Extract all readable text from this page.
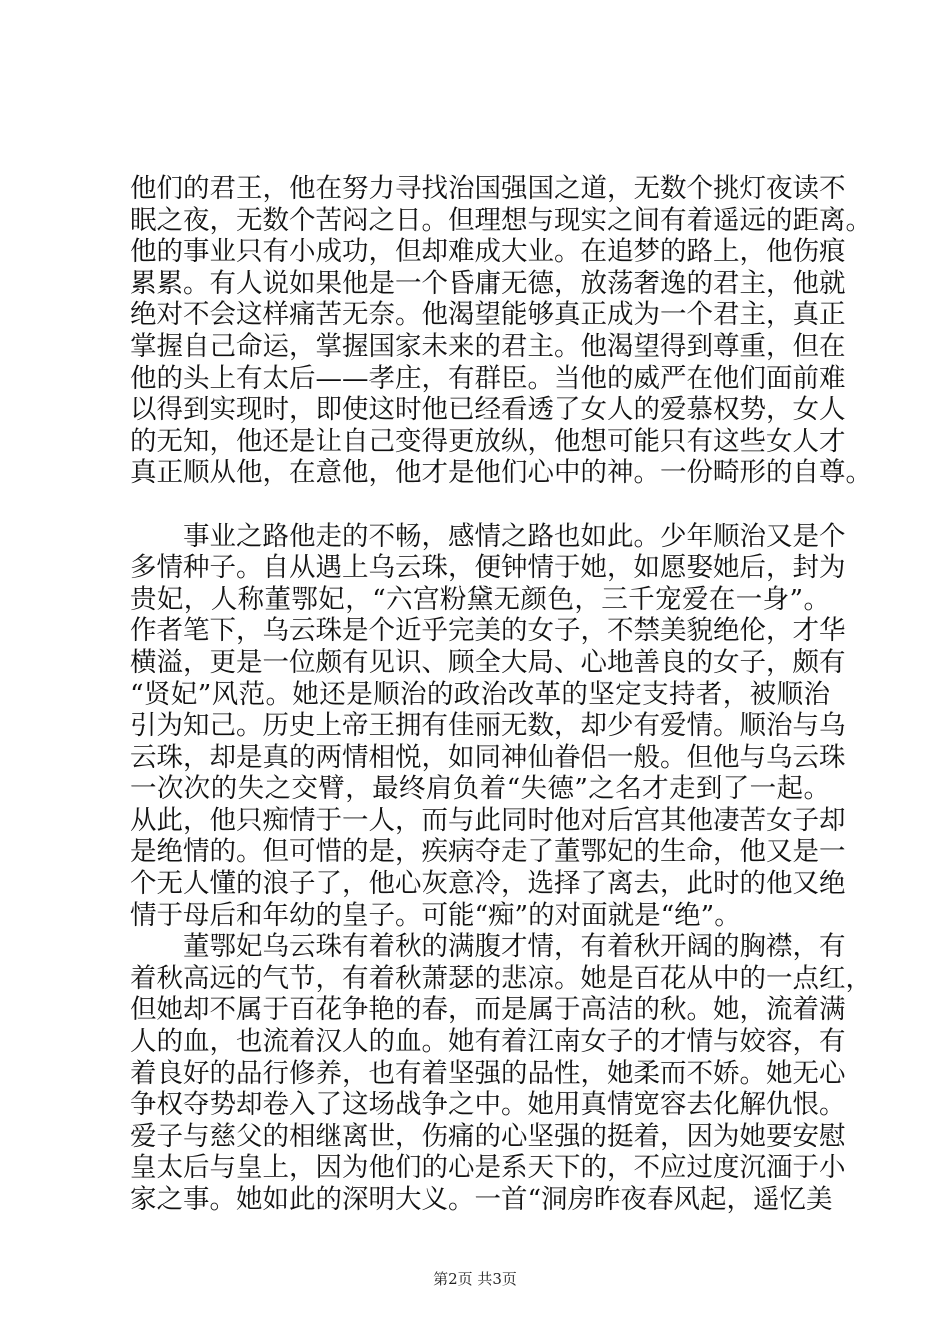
他们的君王，他在努力寻找治国强国之道，无数个挑灯夜读不
眠之夜，无数个苦闷之日。但理想与现实之间有着遥远的距离。
他的事业只有小成功，但却难成大业。在追梦的路上，他伤痕
累累。有人说如果他是一个昏庸无德，放荡奢逸的君主，他就
绝对不会这样痛苦无奈。他渴望能够真正成为一个君主，真正
掌握自己命运，掌握国家未来的君主。他渴望得到尊重，但在
他的头上有太后——孝庄，有群臣。当他的威严在他们面前难
以得到实现时，即使这时他已经看透了女人的爱慕权势，女人
的无知，他还是让自己变得更放纵，他想可能只有这些女人才
真正顺从他，在意他，他才是他们心中的神。一份畸形的自尊。
事业之路他走的不畅，感情之路也如此。少年顺治又是个
多情种子。自从遇上乌云珠，便钟情于她，如愿娶她后，封为
贵妃，人称董鄂妃，“六宫粉黛无颜色，三千宠爱在一身”。
作者笔下，乌云珠是个近乎完美的女子，不禁美貌绝伦，才华
横溢，更是一位颇有见识、顾全大局、心地善良的女子，颇有
“贤妃”风范。她还是顺治的政治改革的坚定支持者，被顺治
引为知己。历史上帝王拥有佳丽无数，却少有爱情。顺治与乌
云珠，却是真的两情相悦，如同神仙眷侣一般。但他与乌云珠
一次次的失之交臂，最终肩负着“失德”之名才走到了一起。
从此，他只痴情于一人，而与此同时他对后宫其他凄苦女子却
是绝情的。但可惜的是，疾病夺走了董鄂妃的生命，他又是一
个无人懂的浪子了，他心灰意冷，选择了离去，此时的他又绝
情于母后和年幼的皇子。可能“痴”的对面就是“绝”。
董鄂妃乌云珠有着秋的满腹才情，有着秋开阔的胸襟，有
着秋高远的气节，有着秋萧瑟的悲凉。她是百花从中的一点红，
但她却不属于百花争艳的春，而是属于高洁的秋。她，流着满
人的血，也流着汉人的血。她有着江南女子的才情与姣容，有
着良好的品行修养，也有着坚强的品性，她柔而不娇。她无心
争权夺势却卷入了这场战争之中。她用真情宽容去化解仇恨。
爱子与慈父的相继离世，伤痛的心坚强的挺着，因为她要安慰
皇太后与皇上，因为他们的心是系天下的，不应过度沉湎于小
家之事。她如此的深明大义。一首“洞房昨夜春风起，遥忆美
第2页 共3页
